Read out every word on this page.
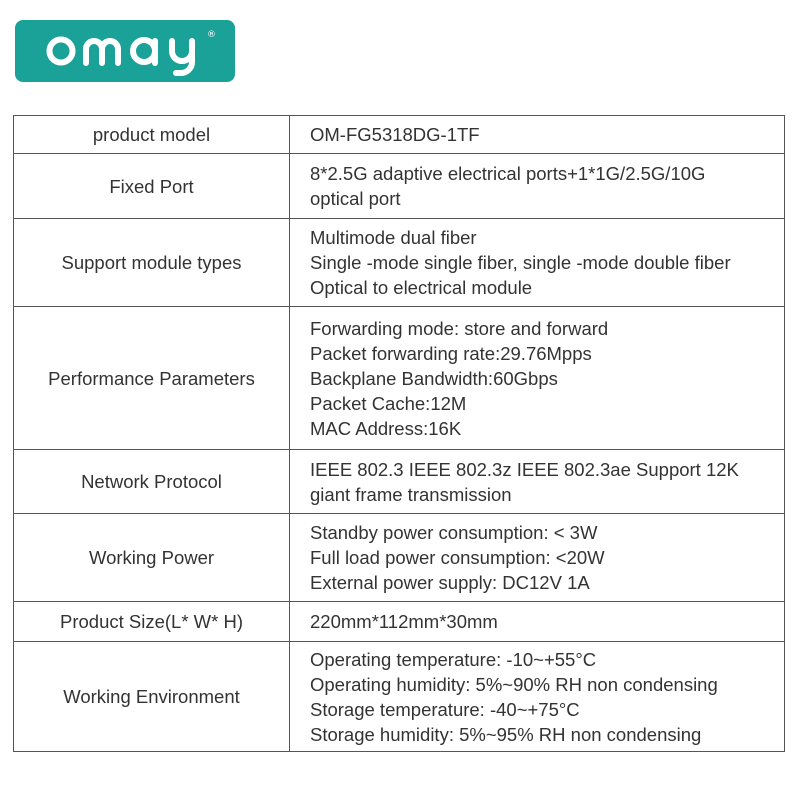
®
product model	OM-FG5318DG-1TF

Fixed Port	8*2.5G adaptive electrical ports+1*1G/2.5G/10G optical port

Support module types	Multimode dual fiber
Single -mode single fiber, single -mode double fiber
Optical to electrical module

Performance Parameters	Forwarding mode: store and forward
Packet forwarding rate:29.76Mpps
Backplane Bandwidth:60Gbps
Packet Cache:12M
MAC Address:16K

Network Protocol	IEEE 802.3 IEEE 802.3z IEEE 802.3ae Support 12K giant frame transmission

Working Power	Standby power consumption: < 3W
Full load power consumption: <20W
External power supply: DC12V 1A

Product Size(L* W* H)	220mm*112mm*30mm

Working Environment	Operating temperature: -10~+55°C
Operating humidity: 5%~90% RH non condensing
Storage temperature: -40~+75°C
Storage humidity: 5%~95% RH non condensing
